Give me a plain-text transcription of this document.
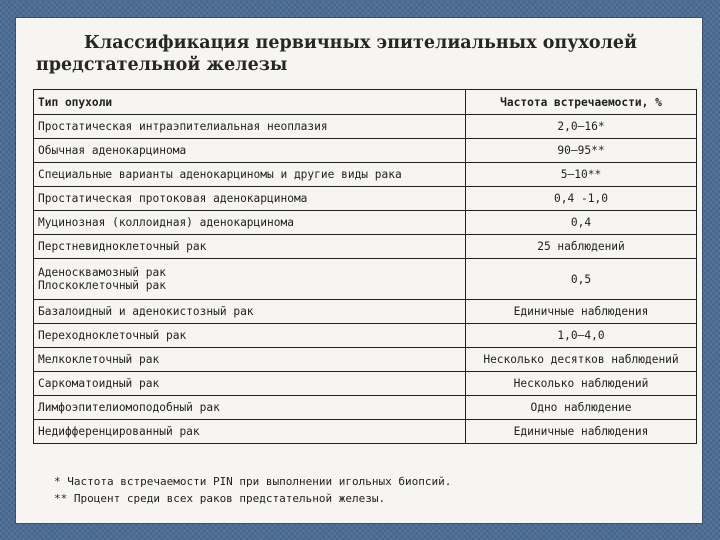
Классификация первичных эпителиальных опухолей предстательной железы
Тип опухоли	Частота встречаемости, %
Простатическая интраэпителиальная неоплазия	2,0–16*
Обычная аденокарцинома	90–95**
Специальные варианты аденокарциномы и другие виды рака	5–10**
Простатическая протоковая аденокарцинома	0,4 -1,0
Муцинозная (коллоидная) аденокарцинома	0,4
Перстневидноклеточный рак	25 наблюдений

Аденосквамозный рак
Плоскоклеточный рак	0,5
Базалоидный и аденокистозный рак	Единичные наблюдения
Переходноклеточный рак	1,0–4,0
Мелкоклеточный рак	Несколько десятков наблюдений
Саркоматоидный рак	Несколько наблюдений
Лимфоэпителиомоподобный рак	Одно наблюдение
Недифференцированный рак	Единичные наблюдения
* Частота встречаемости PIN при выполнении игольных биопсий.
** Процент среди всех раков предстательной железы.
